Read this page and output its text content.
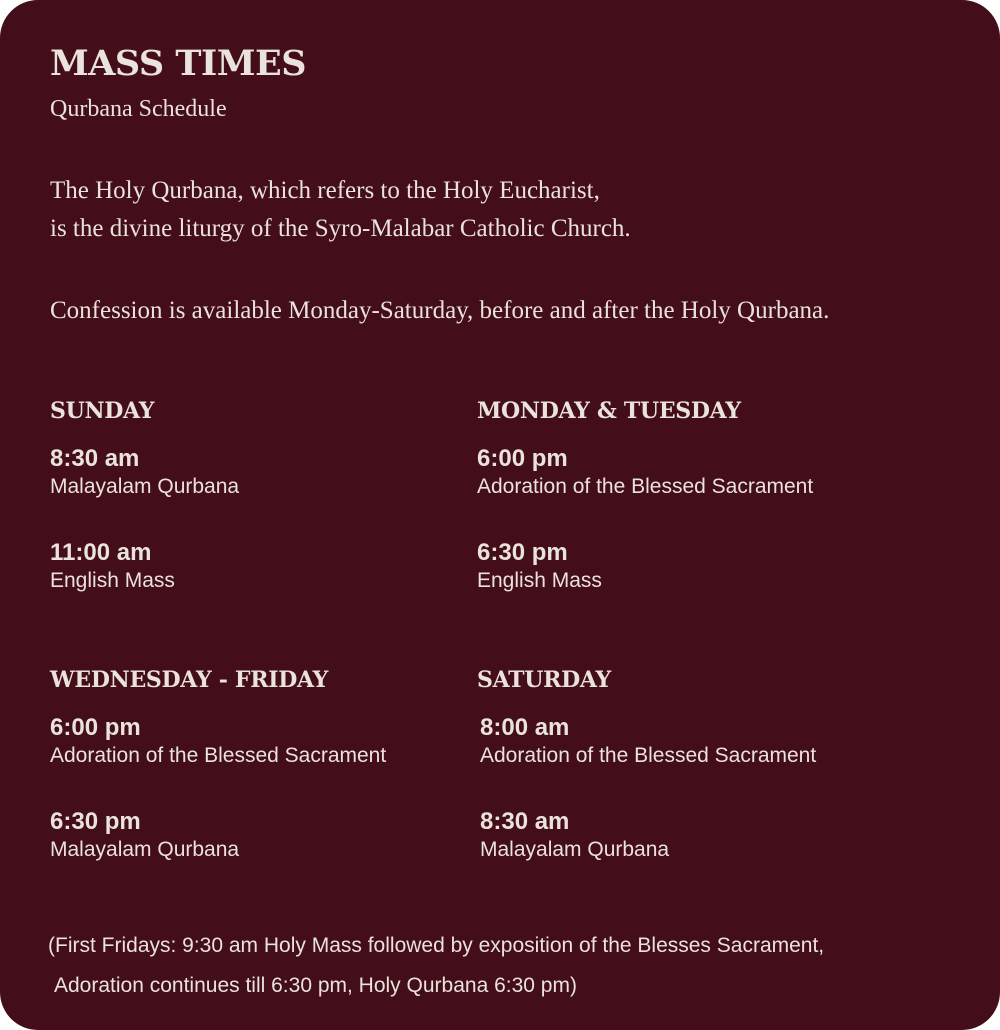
MASS TIMES
Qurbana Schedule
The Holy Qurbana, which refers to the Holy Eucharist,
is the divine liturgy of the Syro-Malabar Catholic Church.
Confession is available Monday-Saturday, before and after the Holy Qurbana.
SUNDAY
8:30 am
Malayalam Qurbana
11:00 am
English Mass
MONDAY & TUESDAY
6:00 pm
Adoration of the Blessed Sacrament
6:30 pm
English Mass
WEDNESDAY - FRIDAY
6:00 pm
Adoration of the Blessed Sacrament
6:30 pm
Malayalam Qurbana
SATURDAY
8:00 am
Adoration of the Blessed Sacrament
8:30 am
Malayalam Qurbana
(First Fridays: 9:30 am Holy Mass followed by exposition of the Blesses Sacrament,
Adoration continues till 6:30 pm, Holy Qurbana 6:30 pm)
